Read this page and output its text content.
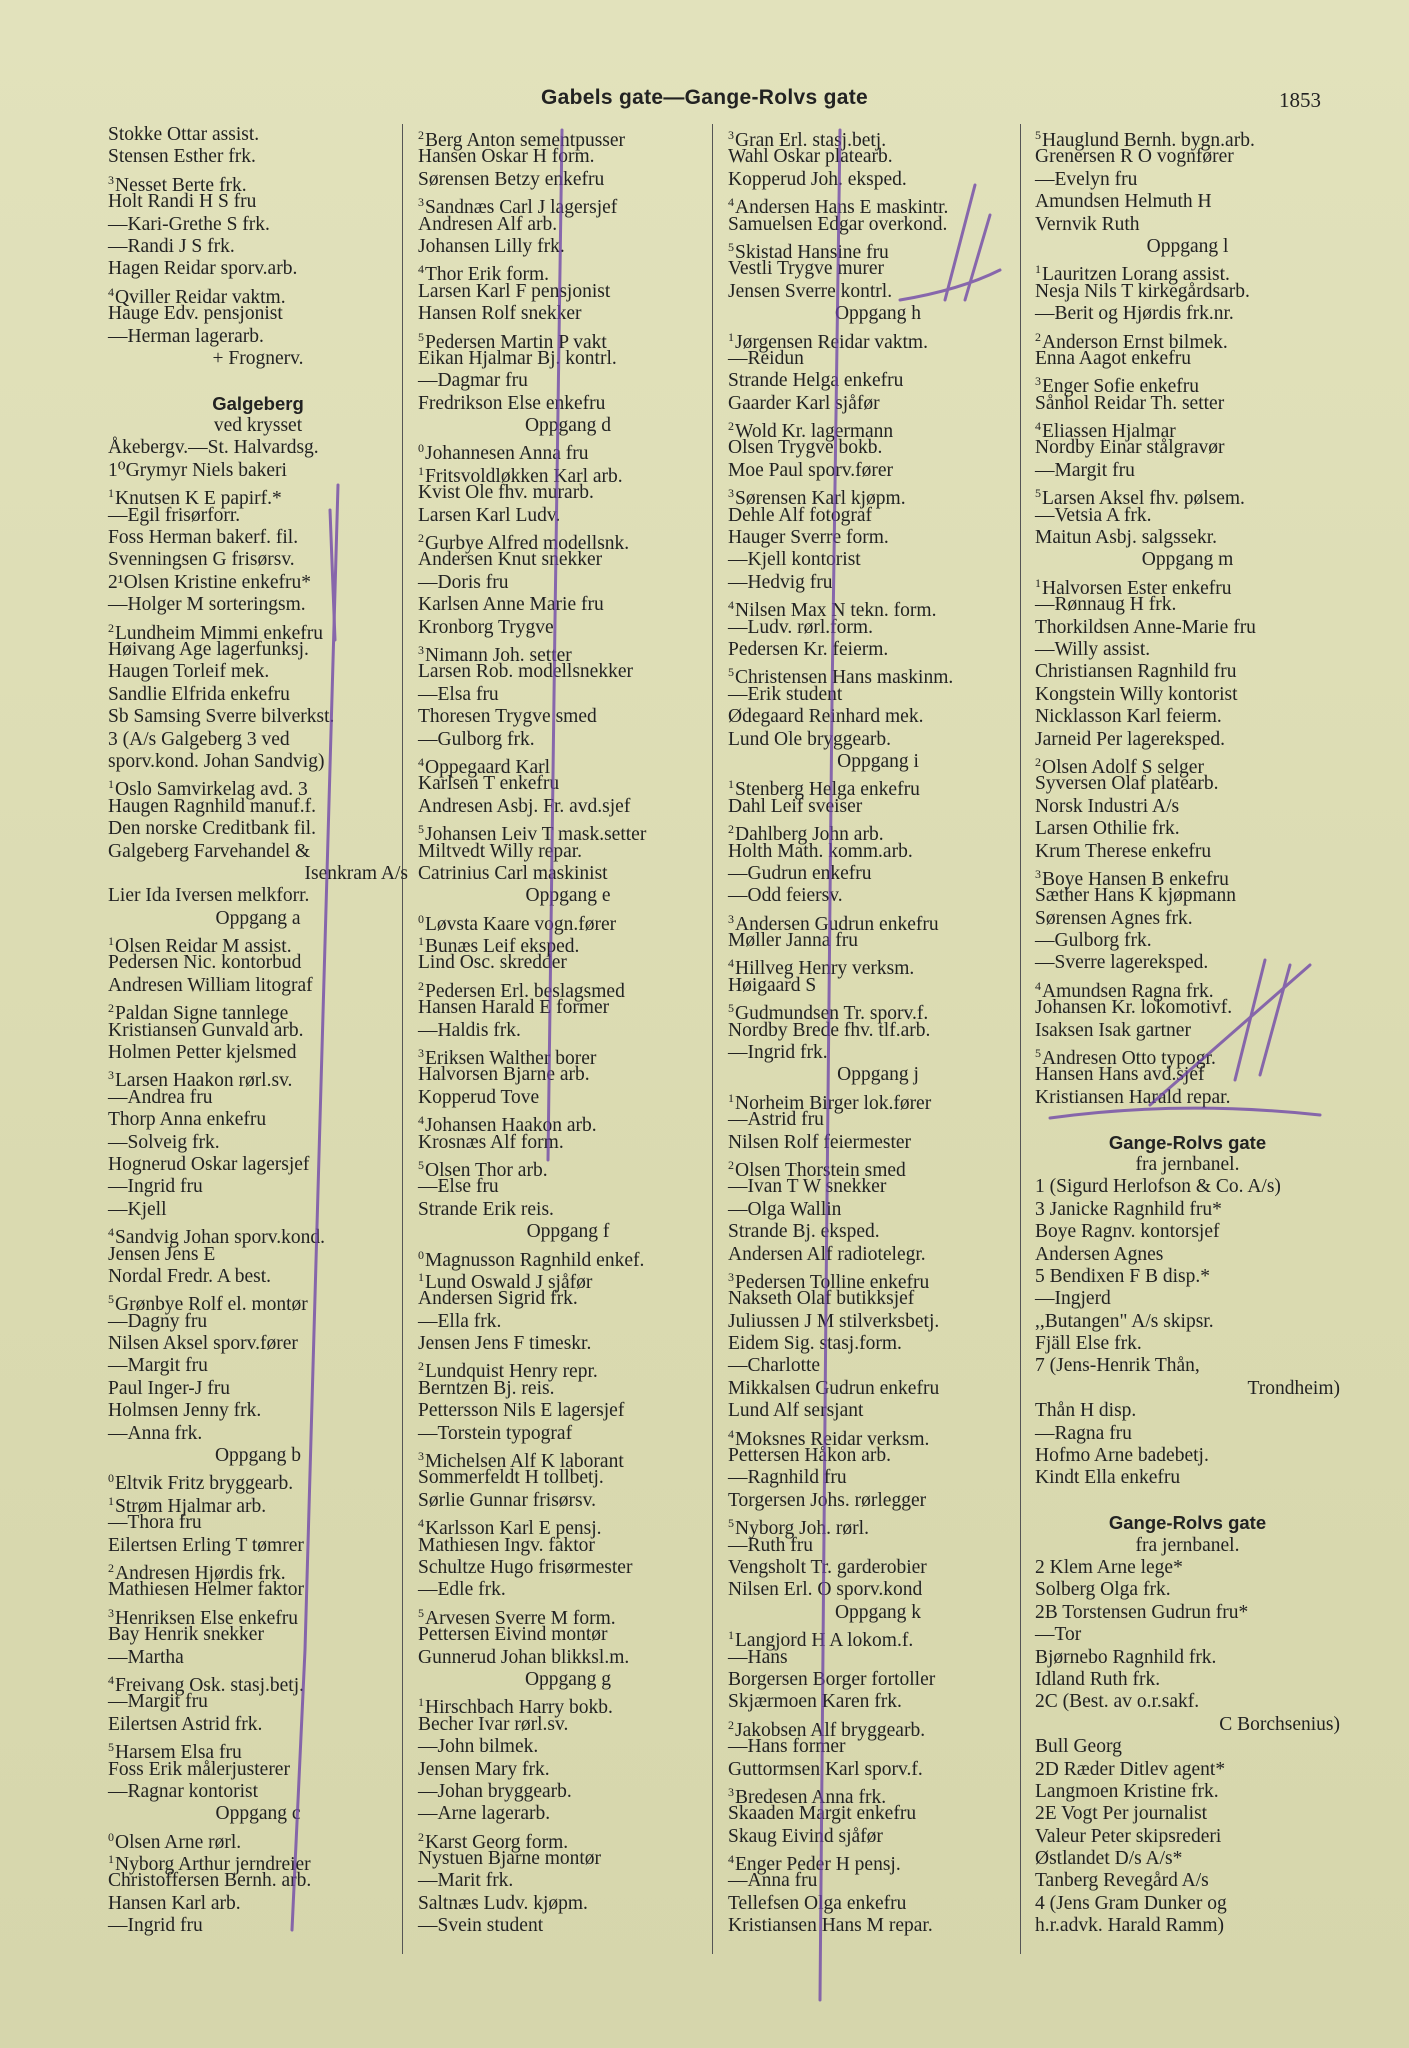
Gabels gate—Gange-Rolvs gate	1853
Stokke Ottar assist.
Stensen Esther frk.
$^3$Nesset Berte frk.
Holt Randi H S fru
—Kari-Grethe S frk.
—Randi J S frk.
Hagen Reidar sporv.arb.
$^4$Qviller Reidar vaktm.
Hauge Edv. pensjonist
—Herman lagerarb.
+ Frognerv.
Galgeberg
ved krysset
Åkebergv.—St. Halvardsg.
1⁰Grymyr Niels bakeri
$^1$Knutsen K E papirf.*
—Egil frisørforr.
Foss Herman bakerf. fil.
Svenningsen G frisørsv.
2¹Olsen Kristine enkefru*
—Holger M sorteringsm.
$^2$Lundheim Mimmi enkefru
Høivang Age lagerfunksj.
Haugen Torleif mek.
Sandlie Elfrida enkefru
Sb Samsing Sverre bilverkst.
3 (A/s Galgeberg 3 ved
sporv.kond. Johan Sandvig)
$^1$Oslo Samvirkelag avd. 3
Haugen Ragnhild manuf.f.
Den norske Creditbank fil.
Galgeberg Farvehandel &
Isenkram A/s
Lier Ida Iversen melkforr.
Oppgang a
$^1$Olsen Reidar M assist.
Pedersen Nic. kontorbud
Andresen William litograf
$^2$Paldan Signe tannlege
Kristiansen Gunvald arb.
Holmen Petter kjelsmed
$^3$Larsen Haakon rørl.sv.
—Andrea fru
Thorp Anna enkefru
—Solveig frk.
Hognerud Oskar lagersjef
—Ingrid fru
—Kjell
$^4$Sandvig Johan sporv.kond.
Jensen Jens E
Nordal Fredr. A best.
$^5$Grønbye Rolf el. montør
—Dagny fru
Nilsen Aksel sporv.fører
—Margit fru
Paul Inger-J fru
Holmsen Jenny frk.
—Anna frk.
Oppgang b
$^0$Eltvik Fritz bryggearb.
$^1$Strøm Hjalmar arb.
—Thora fru
Eilertsen Erling T tømrer
$^2$Andresen Hjørdis frk.
Mathiesen Helmer faktor
$^3$Henriksen Else enkefru
Bay Henrik snekker
—Martha
$^4$Freivang Osk. stasj.betj.
—Margit fru
Eilertsen Astrid frk.
$^5$Harsem Elsa fru
Foss Erik målerjusterer
—Ragnar kontorist
Oppgang c
$^0$Olsen Arne rørl.
$^1$Nyborg Arthur jerndreier
Christoffersen Bernh. arb.
Hansen Karl arb.
—Ingrid fru
$^2$Berg Anton sementpusser
Hansen Oskar H form.
Sørensen Betzy enkefru
$^3$Sandnæs Carl J lagersjef
Andresen Alf arb.
Johansen Lilly frk.
$^4$Thor Erik form.
Larsen Karl F pensjonist
Hansen Rolf snekker
$^5$Pedersen Martin P vakt
Eikan Hjalmar Bj. kontrl.
—Dagmar fru
Fredrikson Else enkefru
Oppgang d
$^0$Johannesen Anna fru
$^1$Fritsvoldløkken Karl arb.
Kvist Ole fhv. murarb.
Larsen Karl Ludv.
$^2$Gurbye Alfred modellsnk.
Andersen Knut snekker
—Doris fru
Karlsen Anne Marie fru
Kronborg Trygve
$^3$Nimann Joh. setter
Larsen Rob. modellsnekker
—Elsa fru
Thoresen Trygve smed
—Gulborg frk.
$^4$Oppegaard Karl
Karlsen T enkefru
Andresen Asbj. Fr. avd.sjef
$^5$Johansen Leiv T mask.setter
Miltvedt Willy repar.
Catrinius Carl maskinist
Oppgang e
$^0$Løvsta Kaare vogn.fører
$^1$Bunæs Leif eksped.
Lind Osc. skredder
$^2$Pedersen Erl. beslagsmed
Hansen Harald E former
—Haldis frk.
$^3$Eriksen Walther borer
Halvorsen Bjarne arb.
Kopperud Tove
$^4$Johansen Haakon arb.
Krosnæs Alf form.
$^5$Olsen Thor arb.
—Else fru
Strande Erik reis.
Oppgang f
$^0$Magnusson Ragnhild enkef.
$^1$Lund Oswald J sjåfør
Andersen Sigrid frk.
—Ella frk.
Jensen Jens F timeskr.
$^2$Lundquist Henry repr.
Berntzen Bj. reis.
Pettersson Nils E lagersjef
—Torstein typograf
$^3$Michelsen Alf K laborant
Sommerfeldt H tollbetj.
Sørlie Gunnar frisørsv.
$^4$Karlsson Karl E pensj.
Mathiesen Ingv. faktor
Schultze Hugo frisørmester
—Edle frk.
$^5$Arvesen Sverre M form.
Pettersen Eivind montør
Gunnerud Johan blikksl.m.
Oppgang g
$^1$Hirschbach Harry bokb.
Becher Ivar rørl.sv.
—John bilmek.
Jensen Mary frk.
—Johan bryggearb.
—Arne lagerarb.
$^2$Karst Georg form.
Nystuen Bjarne montør
—Marit frk.
Saltnæs Ludv. kjøpm.
—Svein student
$^3$Gran Erl. stasj.betj.
Wahl Oskar platearb.
Kopperud Joh. eksped.
$^4$Andersen Hans E maskintr.
Samuelsen Edgar overkond.
$^5$Skistad Hansine fru
Vestli Trygve murer
Jensen Sverre kontrl.
Oppgang h
$^1$Jørgensen Reidar vaktm.
—Reidun
Strande Helga enkefru
Gaarder Karl sjåfør
$^2$Wold Kr. lagermann
Olsen Trygve bokb.
Moe Paul sporv.fører
$^3$Sørensen Karl kjøpm.
Dehle Alf fotograf
Hauger Sverre form.
—Kjell kontorist
—Hedvig fru
$^4$Nilsen Max N tekn. form.
—Ludv. rørl.form.
Pedersen Kr. feierm.
$^5$Christensen Hans maskinm.
—Erik student
Ødegaard Reinhard mek.
Lund Ole bryggearb.
Oppgang i
$^1$Stenberg Helga enkefru
Dahl Leif sveiser
$^2$Dahlberg John arb.
Holth Math. komm.arb.
—Gudrun enkefru
—Odd feiersv.
$^3$Andersen Gudrun enkefru
Møller Janna fru
$^4$Hillveg Henry verksm.
Høigaard S
$^5$Gudmundsen Tr. sporv.f.
Nordby Brede fhv. tlf.arb.
—Ingrid frk.
Oppgang j
$^1$Norheim Birger lok.fører
—Astrid fru
Nilsen Rolf feiermester
$^2$Olsen Thorstein smed
—Ivan T W snekker
—Olga Wallin
Strande Bj. eksped.
Andersen Alf radiotelegr.
$^3$Pedersen Tolline enkefru
Nakseth Olaf butikksjef
Juliussen J M stilverksbetj.
Eidem Sig. stasj.form.
—Charlotte
Mikkalsen Gudrun enkefru
Lund Alf sersjant
$^4$Moksnes Reidar verksm.
Pettersen Håkon arb.
—Ragnhild fru
Torgersen Johs. rørlegger
$^5$Nyborg Joh. rørl.
—Ruth fru
Vengsholt Tr. garderobier
Nilsen Erl. O sporv.kond
Oppgang k
$^1$Langjord H A lokom.f.
—Hans
Borgersen Borger fortoller
Skjærmoen Karen frk.
$^2$Jakobsen Alf bryggearb.
—Hans former
Guttormsen Karl sporv.f.
$^3$Bredesen Anna frk.
Skaaden Margit enkefru
Skaug Eivind sjåfør
$^4$Enger Peder H pensj.
—Anna fru
Tellefsen Olga enkefru
Kristiansen Hans M repar.
$^5$Hauglund Bernh. bygn.arb.
Grenersen R O vognfører
—Evelyn fru
Amundsen Helmuth H
Vernvik Ruth
Oppgang l
$^1$Lauritzen Lorang assist.
Nesja Nils T kirkegårdsarb.
—Berit og Hjørdis frk.nr.
$^2$Anderson Ernst bilmek.
Enna Aagot enkefru
$^3$Enger Sofie enkefru
Sånhol Reidar Th. setter
$^4$Eliassen Hjalmar
Nordby Einar stålgravør
—Margit fru
$^5$Larsen Aksel fhv. pølsem.
—Vetsia A frk.
Maitun Asbj. salgssekr.
Oppgang m
$^1$Halvorsen Ester enkefru
—Rønnaug H frk.
Thorkildsen Anne-Marie fru
—Willy assist.
Christiansen Ragnhild fru
Kongstein Willy kontorist
Nicklasson Karl feierm.
Jarneid Per lagereksped.
$^2$Olsen Adolf S selger
Syversen Olaf platearb.
Norsk Industri A/s
Larsen Othilie frk.
Krum Therese enkefru
$^3$Boye Hansen B enkefru
Sæther Hans K kjøpmann
Sørensen Agnes frk.
—Gulborg frk.
—Sverre lagereksped.
$^4$Amundsen Ragna frk.
Johansen Kr. lokomotivf.
Isaksen Isak gartner
$^5$Andresen Otto typogr.
Hansen Hans avd.sjef
Kristiansen Harald repar.
Gange-Rolvs gate
fra jernbanel.
1 (Sigurd Herlofson & Co. A/s)
3 Janicke Ragnhild fru*
Boye Ragnv. kontorsjef
Andersen Agnes
5 Bendixen F B disp.*
—Ingjerd
,,Butangen" A/s skipsr.
Fjäll Else frk.
7 (Jens-Henrik Thån,
Trondheim)
Thån H disp.
—Ragna fru
Hofmo Arne badebetj.
Kindt Ella enkefru
Gange-Rolvs gate
fra jernbanel.
2 Klem Arne lege*
Solberg Olga frk.
2B Torstensen Gudrun fru*
—Tor
Bjørnebo Ragnhild frk.
Idland Ruth frk.
2C (Best. av o.r.sakf.
C Borchsenius)
Bull Georg
2D Ræder Ditlev agent*
Langmoen Kristine frk.
2E Vogt Per journalist
Valeur Peter skipsrederi
Østlandet D/s A/s*
Tanberg Revegård A/s
4 (Jens Gram Dunker og
h.r.advk. Harald Ramm)
